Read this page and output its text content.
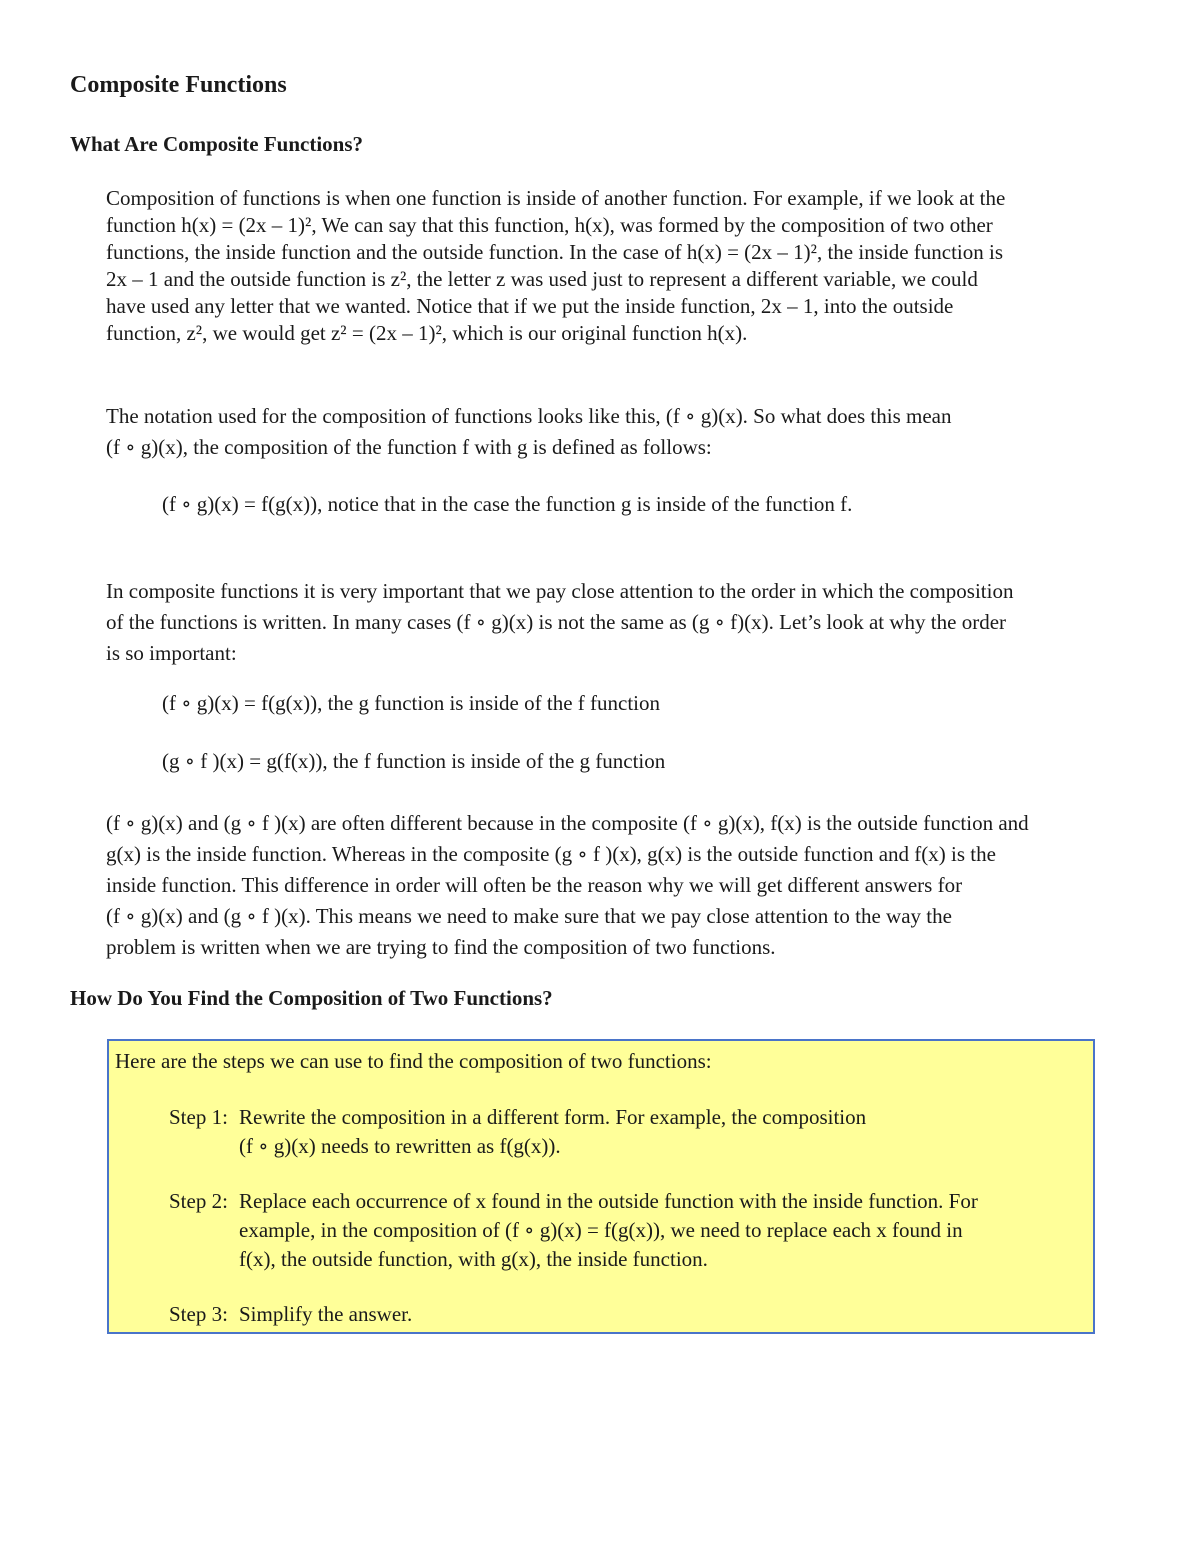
Composite Functions
What Are Composite Functions?
Composition of functions is when one function is inside of another function. For example, if we look at the
function h(x) = (2x – 1)², We can say that this function, h(x), was formed by the composition of two other
functions, the inside function and the outside function. In the case of h(x) = (2x – 1)², the inside function is
2x – 1 and the outside function is z², the letter z was used just to represent a different variable, we could
have used any letter that we wanted. Notice that if we put the inside function, 2x – 1, into the outside
function, z², we would get z² = (2x – 1)², which is our original function h(x).
The notation used for the composition of functions looks like this, (f ∘ g)(x). So what does this mean
(f ∘ g)(x), the composition of the function f with g is defined as follows:

(f ∘ g)(x) = f(g(x)), notice that in the case the function g is inside of the function f.

In composite functions it is very important that we pay close attention to the order in which the composition
of the functions is written. In many cases (f ∘ g)(x) is not the same as (g ∘ f)(x). Let’s look at why the order
is so important:

(f ∘ g)(x) = f(g(x)), the g function is inside of the f function

(g ∘ f )(x) = g(f(x)), the f function is inside of the g function

(f ∘ g)(x) and (g ∘ f )(x) are often different because in the composite (f ∘ g)(x), f(x) is the outside function and
g(x) is the inside function. Whereas in the composite (g ∘ f )(x), g(x) is the outside function and f(x) is the
inside function. This difference in order will often be the reason why we will get different answers for
(f ∘ g)(x) and (g ∘ f )(x). This means we need to make sure that we pay close attention to the way the
problem is written when we are trying to find the composition of two functions.
How Do You Find the Composition of Two Functions?
Here are the steps we can use to find the composition of two functions:
Step 1: Rewrite the composition in a different form. For example, the composition
(f ∘ g)(x) needs to rewritten as f(g(x)).
Step 2: Replace each occurrence of x found in the outside function with the inside function. For
example, in the composition of (f ∘ g)(x) = f(g(x)), we need to replace each x found in
f(x), the outside function, with g(x), the inside function.
Step 3: Simplify the answer.
